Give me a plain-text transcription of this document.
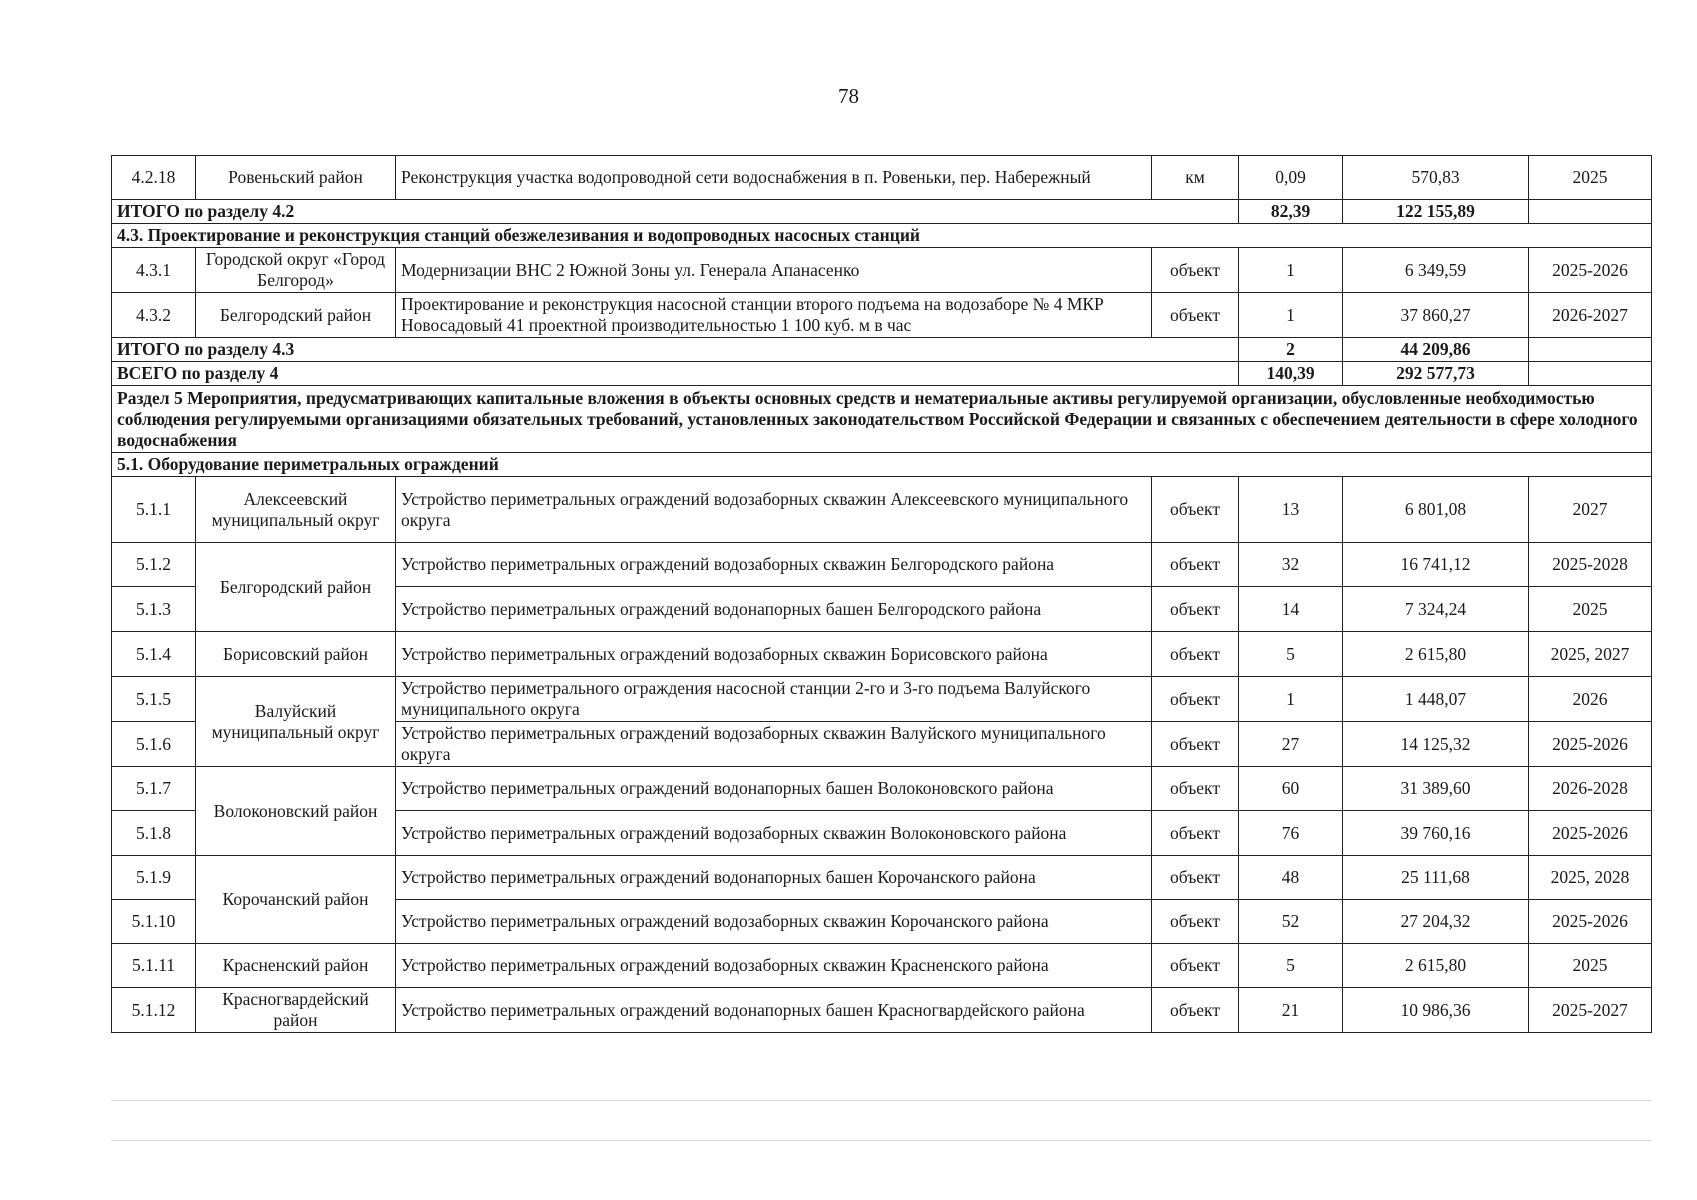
78
4.2.18	Ровеньский район	Реконструкция участка водопроводной сети водоснабжения в п. Ровеньки, пер. Набережный	км	0,09	570,83	2025
ИТОГО по разделу 4.2				82,39	122 155,89	
4.3. Проектирование и реконструкция станций обезжелезивания и водопроводных насосных станций						
4.3.1	Городской округ «Город Белгород»	Модернизации ВНС 2 Южной Зоны ул. Генерала Апанасенко	объект	1	6 349,59	2025-2026
4.3.2	Белгородский район	Проектирование и реконструкция насосной станции второго подъема на водозаборе № 4 МКР Новосадовый 41 проектной производительностью 1 100 куб. м в час	объект	1	37 860,27	2026-2027
ИТОГО по разделу 4.3				2	44 209,86	
ВСЕГО по разделу 4				140,39	292 577,73	
Раздел 5 Мероприятия, предусматривающих капитальные вложения в объекты основных средств и нематериальные активы регулируемой организации, обусловленные необходимостью соблюдения регулируемыми организациями обязательных требований, установленных законодательством Российской Федерации и связанных с обеспечением деятельности в сфере холодного водоснабжения						
5.1. Оборудование периметральных ограждений						
5.1.1	Алексеевский муниципальный округ	Устройство периметральных ограждений водозаборных скважин Алексеевского муниципального округа	объект	13	6 801,08	2027
5.1.2	Белгородский район	Устройство периметральных ограждений водозаборных скважин Белгородского района	объект	32	16 741,12	2025-2028
5.1.3		Устройство периметральных ограждений водонапорных башен Белгородского района	объект	14	7 324,24	2025
5.1.4	Борисовский район	Устройство периметральных ограждений водозаборных скважин Борисовского района	объект	5	2 615,80	2025, 2027
5.1.5	Валуйский муниципальный округ	Устройство периметрального ограждения насосной станции 2-го и 3-го подъема Валуйского муниципального округа	объект	1	1 448,07	2026
5.1.6		Устройство периметральных ограждений водозаборных скважин Валуйского муниципального округа	объект	27	14 125,32	2025-2026
5.1.7	Волоконовский район	Устройство периметральных ограждений водонапорных башен Волоконовского района	объект	60	31 389,60	2026-2028
5.1.8		Устройство периметральных ограждений водозаборных скважин Волоконовского района	объект	76	39 760,16	2025-2026
5.1.9	Корочанский район	Устройство периметральных ограждений водонапорных башен Корочанского района	объект	48	25 111,68	2025, 2028
5.1.10		Устройство периметральных ограждений водозаборных скважин Корочанского района	объект	52	27 204,32	2025-2026
5.1.11	Красненский район	Устройство периметральных ограждений водозаборных скважин Красненского района	объект	5	2 615,80	2025
5.1.12	Красногвардейский район	Устройство периметральных ограждений водонапорных башен Красногвардейского района	объект	21	10 986,36	2025-2027
